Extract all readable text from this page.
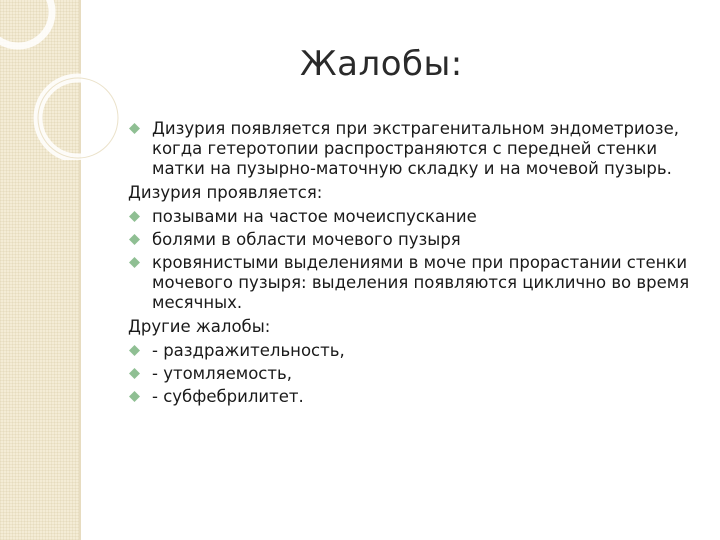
Жалобы:
Дизурия появляется при экстрагенитальном эндометриозе, когда гетеротопии распространяются с передней стенки матки на пузырно-маточную складку и на мочевой пузырь.
Дизурия проявляется:
позывами на частое мочеиспускание
болями в области мочевого пузыря
кровянистыми выделениями в моче при прорастании стенки мочевого пузыря: выделения появляются циклично во время месячных.
Другие жалобы:
- раздражительность,
- утомляемость,
- субфебрилитет.
